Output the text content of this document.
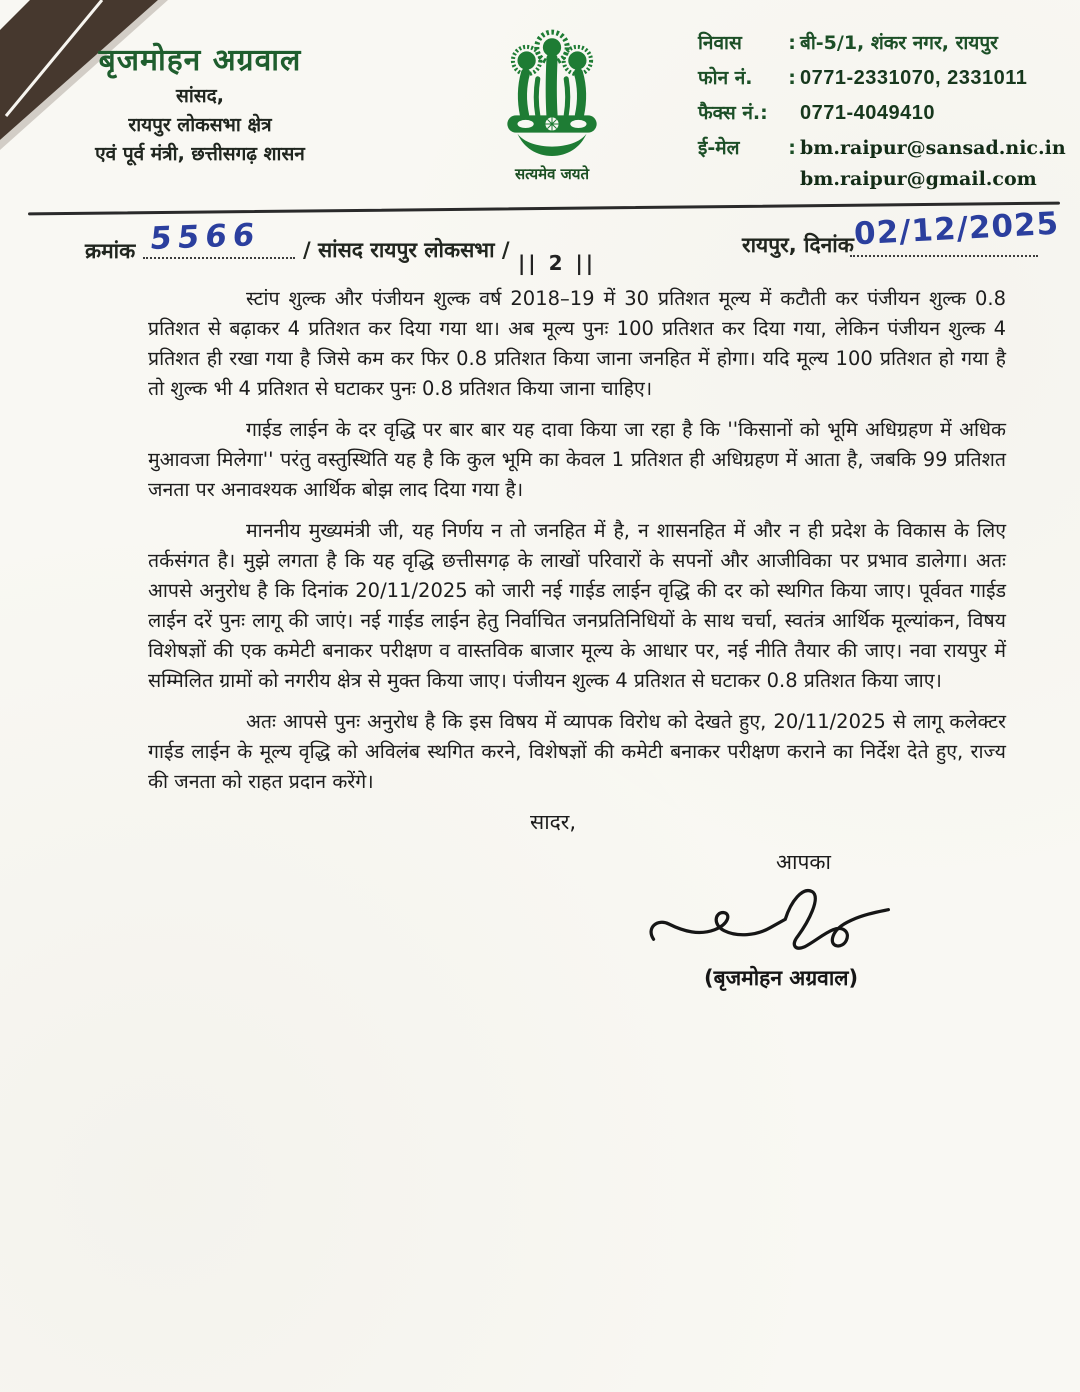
बृजमोहन अग्रवाल
सांसद,
रायपुर लोकसभा क्षेत्र
एवं पूर्व मंत्री, छत्तीसगढ़ शासन
सत्यमेव जयते
निवास	: बी-5/1, शंकर नगर, रायपुर
फोन नं.	: 0771-2331070, 2331011
फैक्स नं.:	0771-4049410
ई-मेल	: bm.raipur@sansad.nic.in
bm.raipur@gmail.com
क्रमांक 5566 / सांसद रायपुर लोकसभा /	रायपुर, दिनांक 02/12/2025
|| 2 ||

स्टांप शुल्क और पंजीयन शुल्क वर्ष 2018–19 में 30 प्रतिशत मूल्य में कटौती कर पंजीयन शुल्क 0.8 प्रतिशत से बढ़ाकर 4 प्रतिशत कर दिया गया था। अब मूल्य पुनः 100 प्रतिशत कर दिया गया, लेकिन पंजीयन शुल्क 4 प्रतिशत ही रखा गया है जिसे कम कर फिर 0.8 प्रतिशत किया जाना जनहित में होगा। यदि मूल्य 100 प्रतिशत हो गया है तो शुल्क भी 4 प्रतिशत से घटाकर पुनः 0.8 प्रतिशत किया जाना चाहिए।

गाईड लाईन के दर वृद्धि पर बार बार यह दावा किया जा रहा है कि ''किसानों को भूमि अधिग्रहण में अधिक मुआवजा मिलेगा'' परंतु वस्तुस्थिति यह है कि कुल भूमि का केवल 1 प्रतिशत ही अधिग्रहण में आता है, जबकि 99 प्रतिशत जनता पर अनावश्यक आर्थिक बोझ लाद दिया गया है।

माननीय मुख्यमंत्री जी, यह निर्णय न तो जनहित में है, न शासनहित में और न ही प्रदेश के विकास के लिए तर्कसंगत है। मुझे लगता है कि यह वृद्धि छत्तीसगढ़ के लाखों परिवारों के सपनों और आजीविका पर प्रभाव डालेगा। अतः आपसे अनुरोध है कि दिनांक 20/11/2025 को जारी नई गाईड लाईन वृद्धि की दर को स्थगित किया जाए। पूर्ववत गाईड लाईन दरें पुनः लागू की जाएं। नई गाईड लाईन हेतु निर्वाचित जनप्रतिनिधियों के साथ चर्चा, स्वतंत्र आर्थिक मूल्यांकन, विषय विशेषज्ञों की एक कमेटी बनाकर परीक्षण व वास्तविक बाजार मूल्य के आधार पर, नई नीति तैयार की जाए। नवा रायपुर में सम्मिलित ग्रामों को नगरीय क्षेत्र से मुक्त किया जाए। पंजीयन शुल्क 4 प्रतिशत से घटाकर 0.8 प्रतिशत किया जाए।

अतः आपसे पुनः अनुरोध है कि इस विषय में व्यापक विरोध को देखते हुए, 20/11/2025 से लागू कलेक्टर गाईड लाईन के मूल्य वृद्धि को अविलंब स्थगित करने, विशेषज्ञों की कमेटी बनाकर परीक्षण कराने का निर्देश देते हुए, राज्य की जनता को राहत प्रदान करेंगे।

सादर,
आपका
(बृजमोहन अग्रवाल)
